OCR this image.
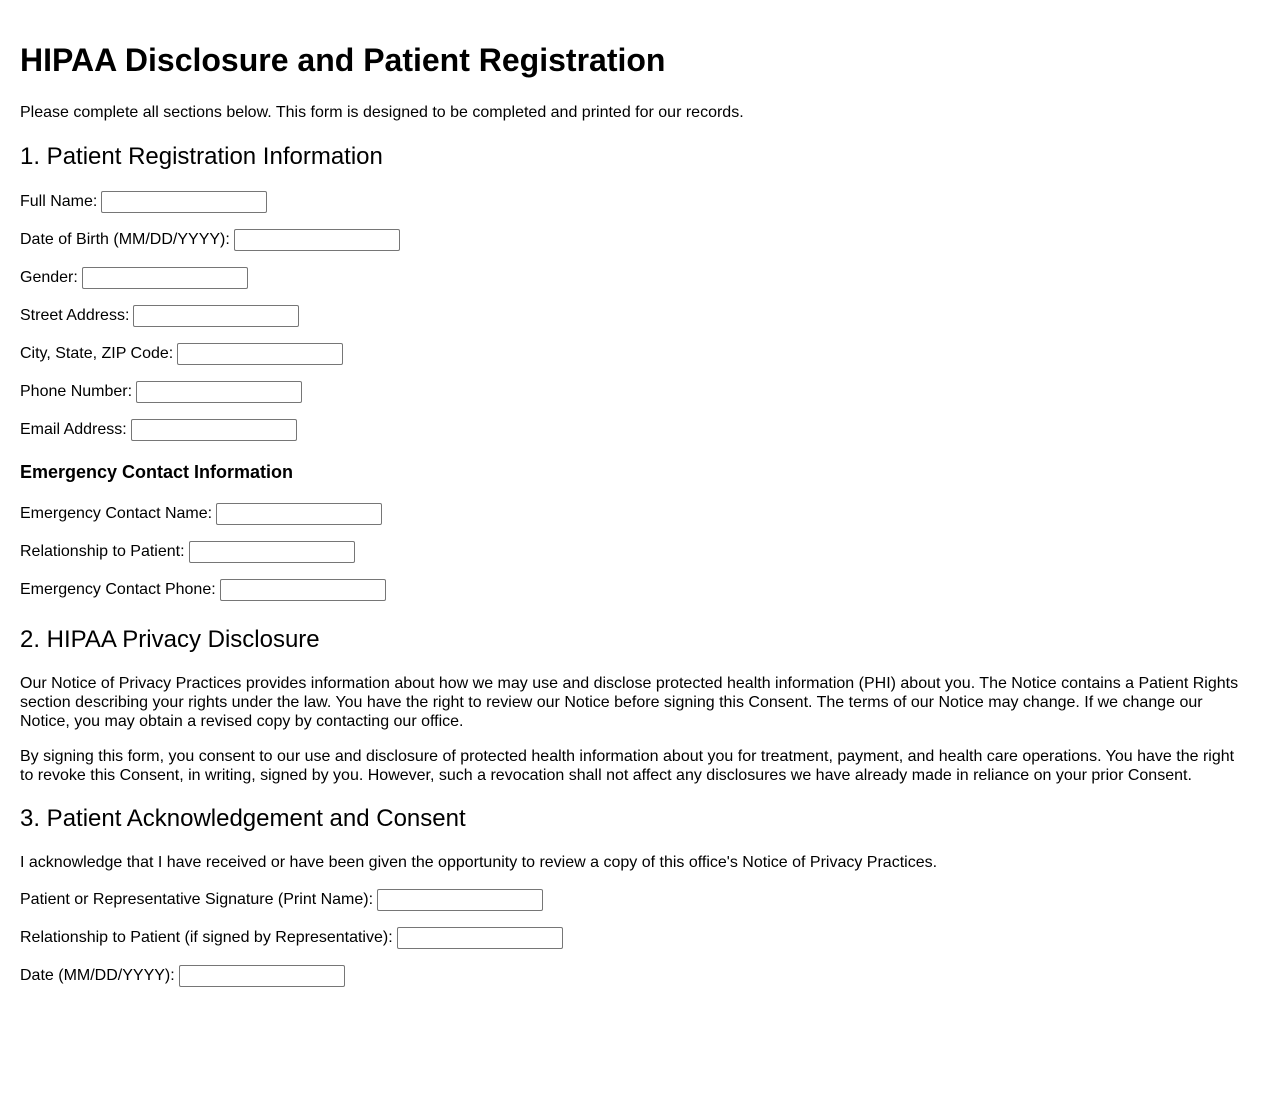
HIPAA Disclosure and Patient Registration

Please complete all sections below. This form is designed to be completed and printed for our records.

1. Patient Registration Information
Full Name:
Date of Birth (MM/DD/YYYY):
Gender:
Street Address:
City, State, ZIP Code:
Phone Number:
Email Address:
Emergency Contact Information
Emergency Contact Name:
Relationship to Patient:
Emergency Contact Phone:
2. HIPAA Privacy Disclosure

Our Notice of Privacy Practices provides information about how we may use and disclose protected health information (PHI) about you. The Notice contains a Patient Rights section describing your rights under the law. You have the right to review our Notice before signing this Consent. The terms of our Notice may change. If we change our Notice, you may obtain a revised copy by contacting our office.

By signing this form, you consent to our use and disclosure of protected health information about you for treatment, payment, and health care operations. You have the right to revoke this Consent, in writing, signed by you. However, such a revocation shall not affect any disclosures we have already made in reliance on your prior Consent.

3. Patient Acknowledgement and Consent

I acknowledge that I have received or have been given the opportunity to review a copy of this office's Notice of Privacy Practices.

Patient or Representative Signature (Print Name):
Relationship to Patient (if signed by Representative):
Date (MM/DD/YYYY):
